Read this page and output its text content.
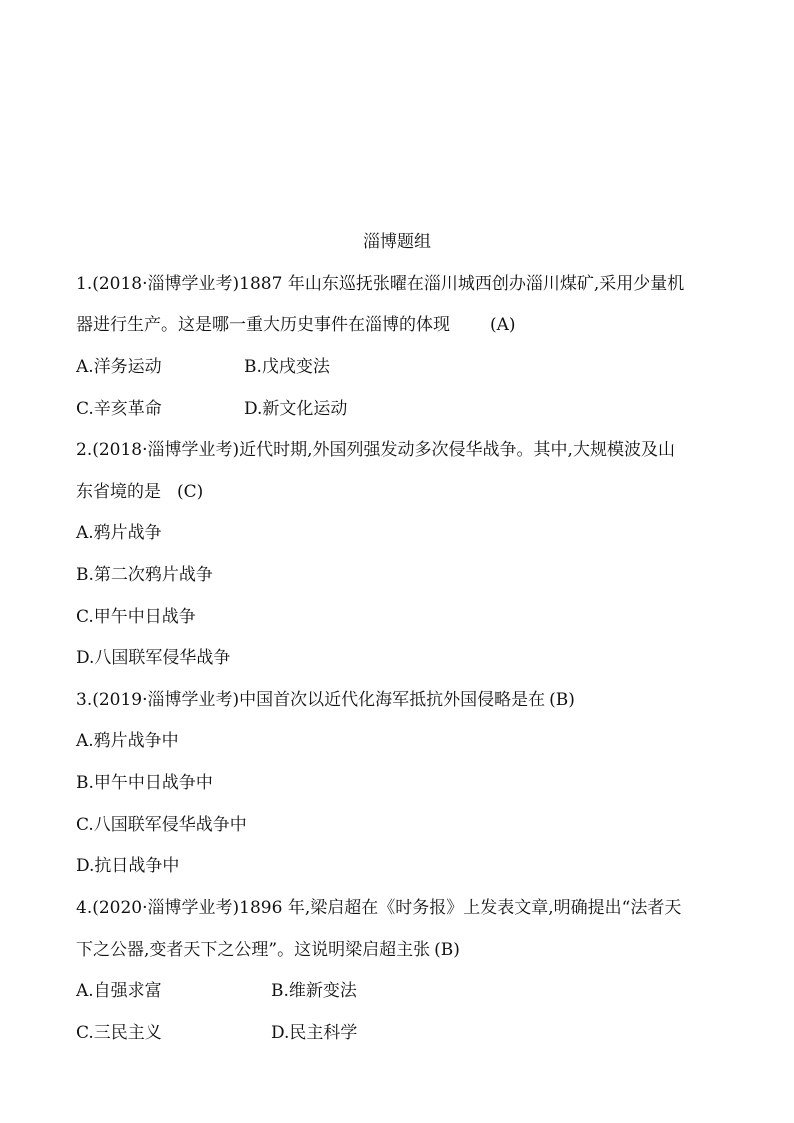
淄博题组
1.(2018·淄博学业考)1887 年山东巡抚张曜在淄川城西创办淄川煤矿,采用少量机
器进行生产。这是哪一重大历史事件在淄博的体现 (A)
A.洋务运动	B.戊戌变法
C.辛亥革命	D.新文化运动
2.(2018·淄博学业考)近代时期,外国列强发动多次侵华战争。其中,大规模波及山
东省境的是 (C)
A.鸦片战争
B.第二次鸦片战争
C.甲午中日战争
D.八国联军侵华战争
3.(2019·淄博学业考)中国首次以近代化海军抵抗外国侵略是在 (B)
A.鸦片战争中
B.甲午中日战争中
C.八国联军侵华战争中
D.抗日战争中
4.(2020·淄博学业考)1896 年,梁启超在《时务报》上发表文章,明确提出“法者天
下之公器,变者天下之公理”。这说明梁启超主张 (B)
A.自强求富	B.维新变法
C.三民主义	D.民主科学
